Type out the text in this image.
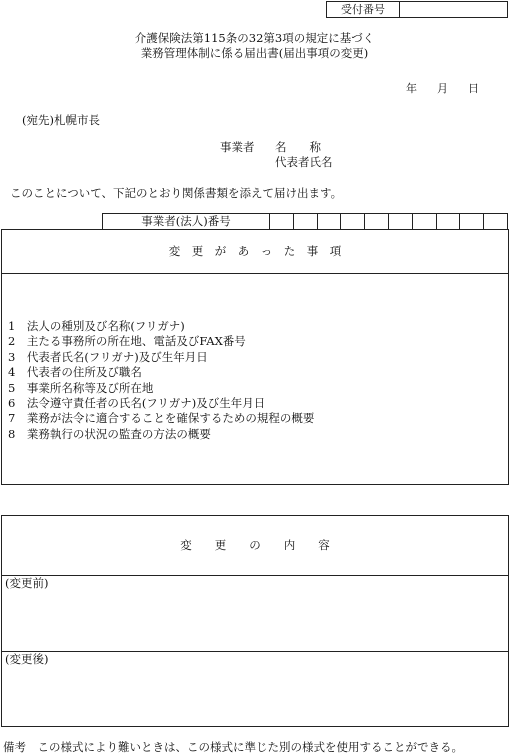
受付番号
介護保険法第115条の32第3項の規定に基づく
業務管理体制に係る届出書(届出事項の変更)
年 月 日
(宛先)札幌市長
事業者	名　　称
代表者氏名
このことについて、下記のとおり関係書類を添えて届け出ます。
事業者(法人)番号
変　更　が　あ　っ　た　事　項
1　法人の種別及び名称(フリガナ)
2　主たる事務所の所在地、電話及びFAX番号
3　代表者氏名(フリガナ)及び生年月日
4　代表者の住所及び職名
5　事業所名称等及び所在地
6　法令遵守責任者の氏名(フリガナ)及び生年月日
7　業務が法令に適合することを確保するための規程の概要
8　業務執行の状況の監査の方法の概要
変　　更　　の　　内　　容
(変更前)
(変更後)
備考　この様式により難いときは、この様式に準じた別の様式を使用することができる。
